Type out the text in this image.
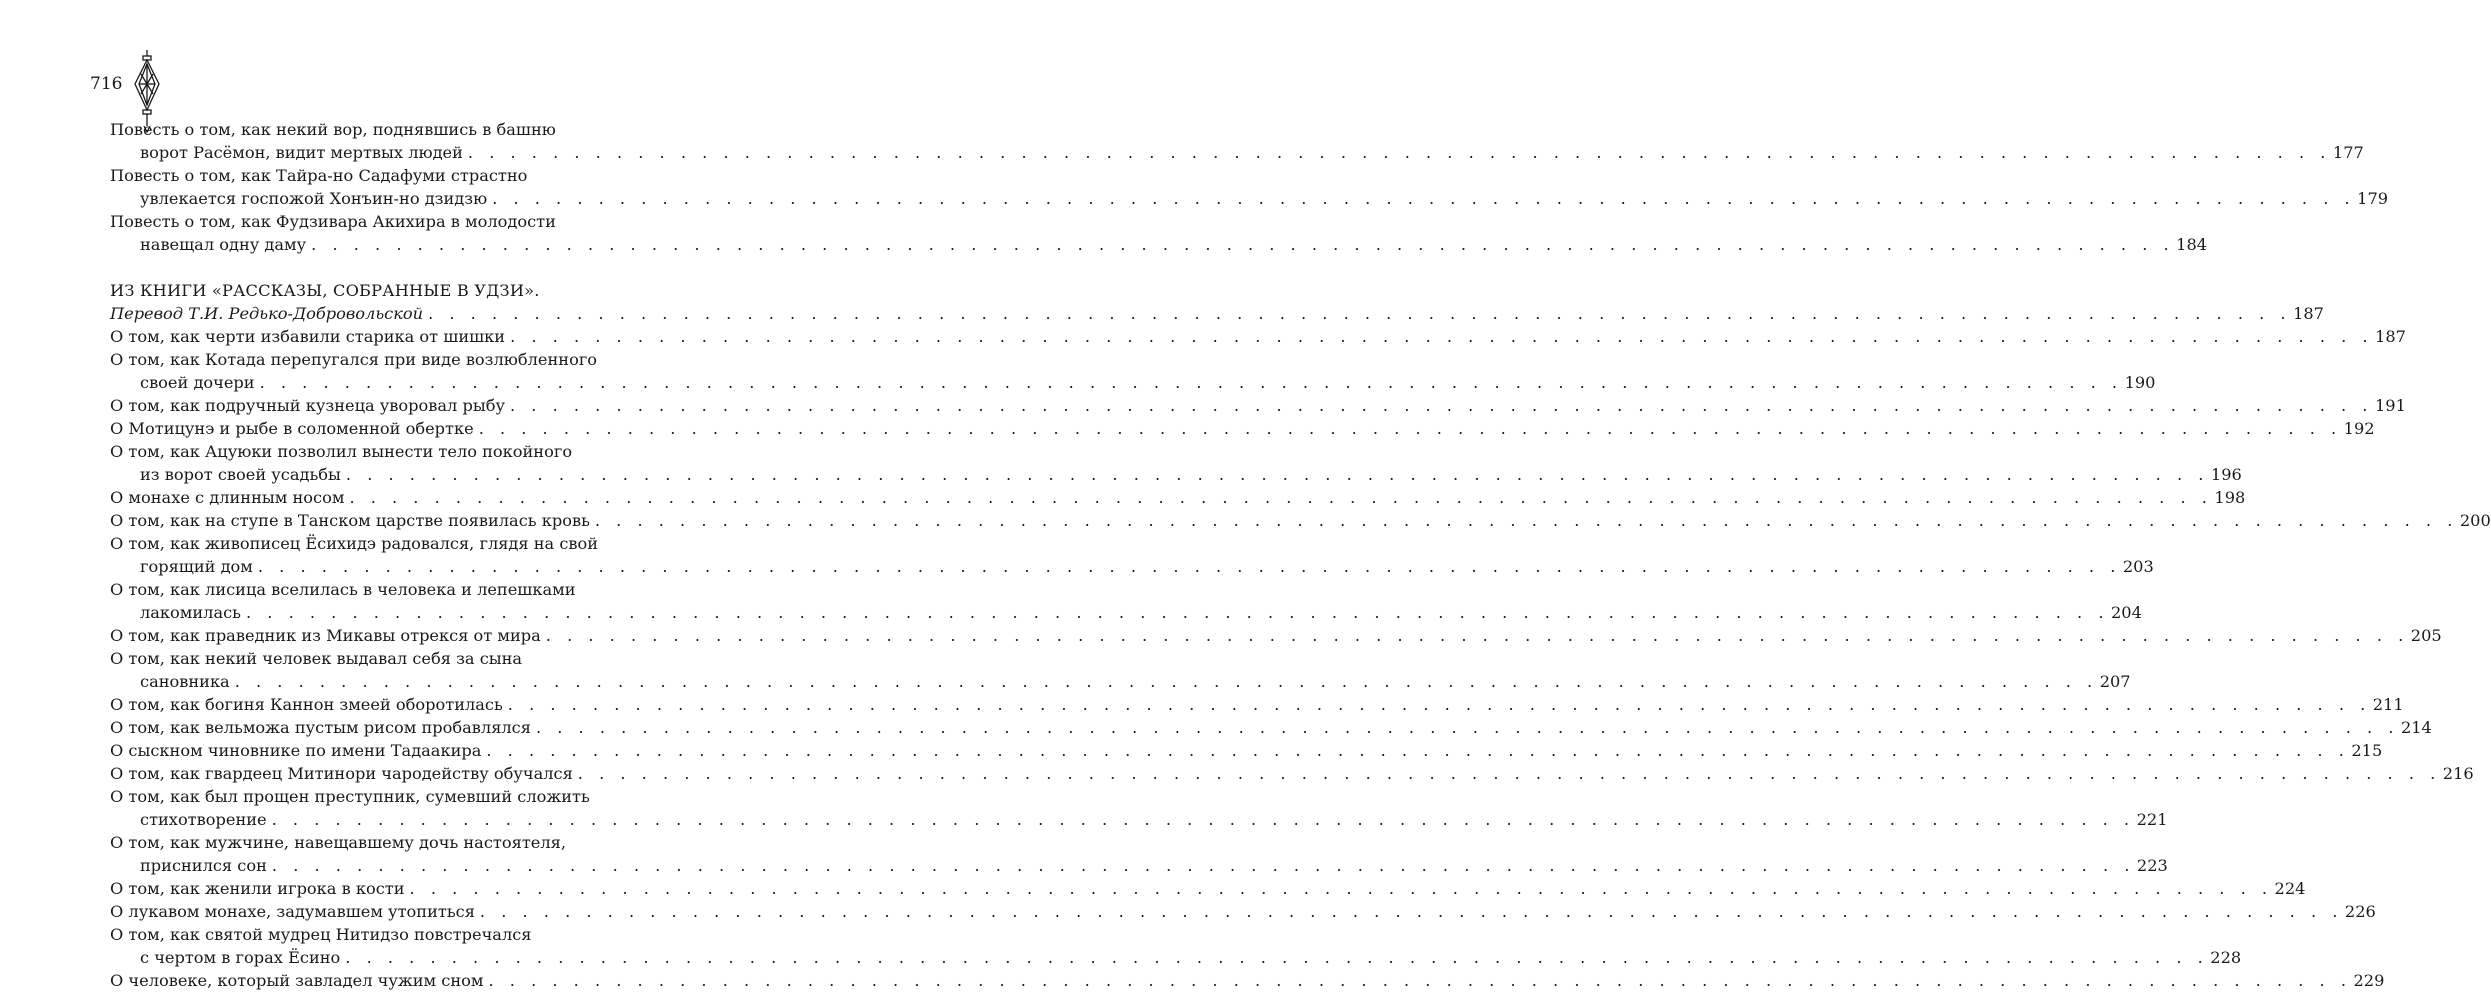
716
Повесть о том, как некий вор, поднявшись в башню
ворот Расёмон, видит мертвых людей . . .	177
Повесть о том, как Тайра-но Садафуми страстно
увлекается госпожой Хонъин-но дзидзю . . .	179
Повесть о том, как Фудзивара Акихира в молодости
навещал одну даму . . .	184
ИЗ КНИГИ «РАССКАЗЫ, СОБРАННЫЕ В УДЗИ».
Перевод Т.И. Редько-Добровольской . . .	187
О том, как черти избавили старика от шишки . . .	187
О том, как Котада перепугался при виде возлюбленного
своей дочери . . .	190
О том, как подручный кузнеца уворовал рыбу . . .	191
О Мотицунэ и рыбе в соломенной обертке . . .	192
О том, как Ацуюки позволил вынести тело покойного
из ворот своей усадьбы . . .	196
О монахе с длинным носом . . .	198
О том, как на ступе в Танском царстве появилась кровь . . .	200
О том, как живописец Ёсихидэ радовался, глядя на свой
горящий дом . . .	203
О том, как лисица вселилась в человека и лепешками
лакомилась . . .	204
О том, как праведник из Микавы отрекся от мира . . .	205
О том, как некий человек выдавал себя за сына
сановника . . .	207
О том, как богиня Каннон змеей оборотилась . . .	211
О том, как вельможа пустым рисом пробавлялся . . .	214
О сыскном чиновнике по имени Тадаакира . . .	215
О том, как гвардеец Митинори чародейству обучался . . .	216
О том, как был прощен преступник, сумевший сложить
стихотворение . . .	221
О том, как мужчине, навещавшему дочь настоятеля,
приснился сон . . .	223
О том, как женили игрока в кости . . .	224
О лукавом монахе, задумавшем утопиться . . .	226
О том, как святой мудрец Нитидзо повстречался
с чертом в горах Ёсино . . .	228
О человеке, который завладел чужим сном . . .	229
